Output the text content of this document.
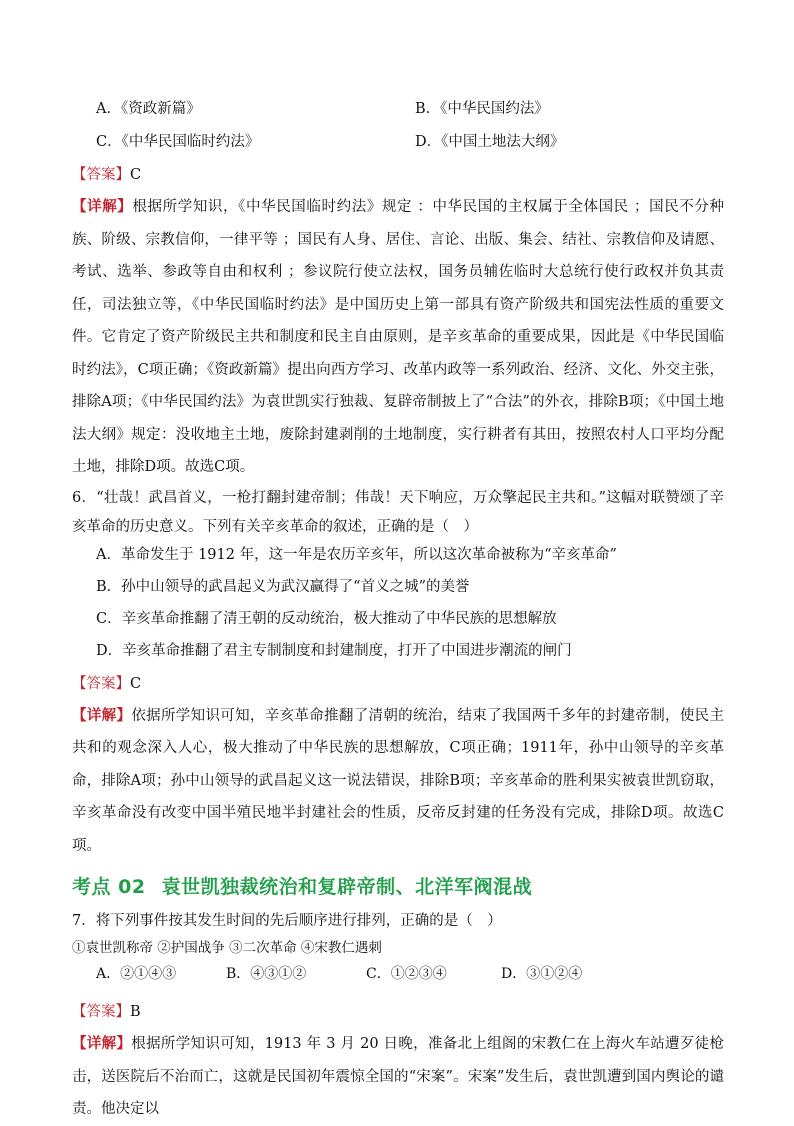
A．《资政新篇》	B．《中华民国约法》
C．《中华民国临时约法》	D．《中国土地法大纲》
【答案】C
【详解】根据所学知识，《中华民国临时约法》规定 ：中华民国的主权属于全体国民 ；国民不分种族、阶级、宗教信仰，一律平等 ；国民有人身、居住、言论、出版、集会、结社、宗教信仰及请愿、考试、选举、参政等自由和权利 ；参议院行使立法权，国务员辅佐临时大总统行使行政权并负其责任，司法独立等，《中华民国临时约法》是中国历史上第一部具有资产阶级共和国宪法性质的重要文件。它肯定了资产阶级民主共和制度和民主自由原则，是辛亥革命的重要成果，因此是《中华民国临时约法》，C项正确；《资政新篇》提出向西方学习、改革内政等一系列政治、经济、文化、外交主张，排除A项；《中华民国约法》为袁世凯实行独裁、复辟帝制披上了“合法”的外衣，排除B项；《中国土地法大纲》规定：没收地主土地，废除封建剥削的土地制度，实行耕者有其田，按照农村人口平均分配土地，排除D项。故选C项。
6．“壮哉！武昌首义，一枪打翻封建帝制；伟哉！天下响应，万众擎起民主共和。”这幅对联赞颂了辛亥革命的历史意义。下列有关辛亥革命的叙述，正确的是（　）
A．革命发生于 1912 年，这一年是农历辛亥年，所以这次革命被称为“辛亥革命”
B．孙中山领导的武昌起义为武汉赢得了“首义之城”的美誉
C．辛亥革命推翻了清王朝的反动统治，极大推动了中华民族的思想解放
D．辛亥革命推翻了君主专制制度和封建制度，打开了中国进步潮流的闸门
【答案】C
【详解】依据所学知识可知，辛亥革命推翻了清朝的统治，结束了我国两千多年的封建帝制，使民主共和的观念深入人心，极大推动了中华民族的思想解放，C项正确；1911年，孙中山领导的辛亥革命，排除A项；孙中山领导的武昌起义这一说法错误，排除B项；辛亥革命的胜利果实被袁世凯窃取，辛亥革命没有改变中国半殖民地半封建社会的性质，反帝反封建的任务没有完成，排除D项。故选C项。
考点 02 袁世凯独裁统治和复辟帝制、北洋军阀混战
7．将下列事件按其发生时间的先后顺序进行排列，正确的是（　）
①袁世凯称帝 ②护国战争 ③二次革命 ④宋教仁遇刺
A．②①④③	B．④③①②	C．①②③④	D．③①②④
【答案】B
【详解】根据所学知识可知，1913 年 3 月 20 日晚，准备北上组阁的宋教仁在上海火车站遭歹徒枪击，送医院后不治而亡，这就是民国初年震惊全国的“宋案”。宋案”发生后，袁世凯遭到国内舆论的谴责。他决定以
